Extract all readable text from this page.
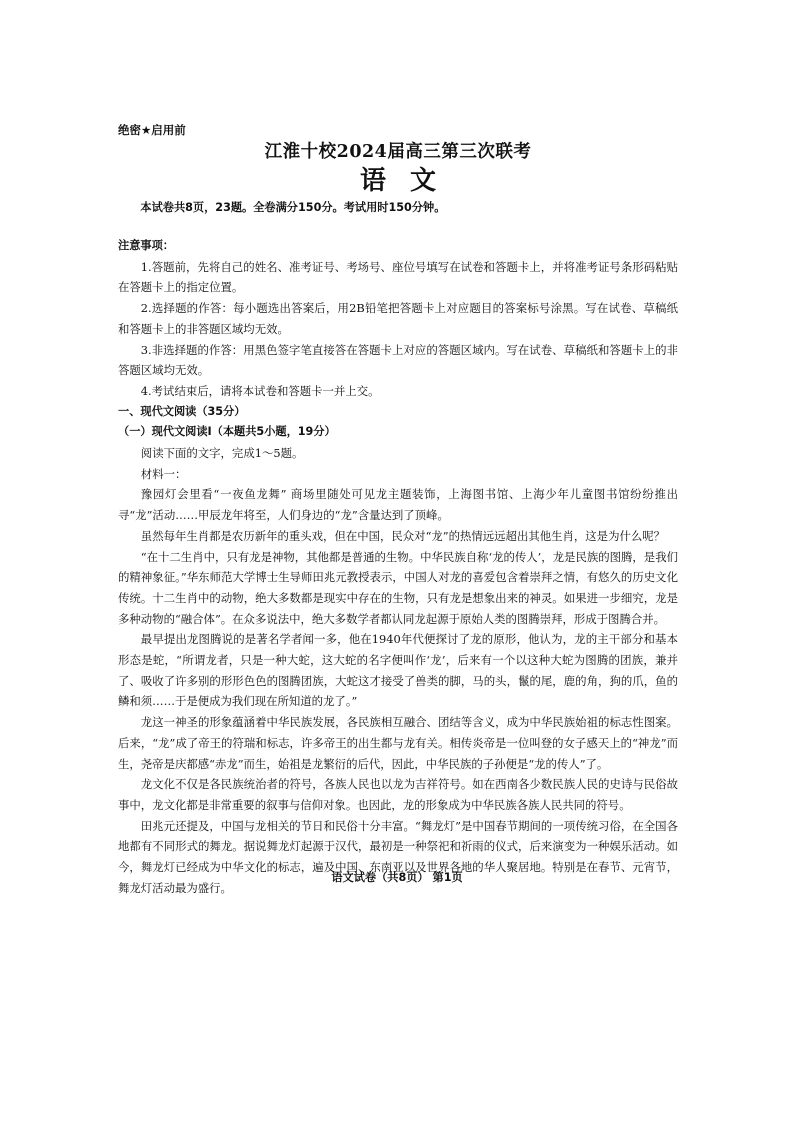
绝密★启用前
江淮十校2024届高三第三次联考
语文
本试卷共8页，23题。全卷满分150分。考试用时150分钟。
注意事项：
1.答题前，先将自己的姓名、准考证号、考场号、座位号填写在试卷和答题卡上，并将准考证号条形码粘贴在答题卡上的指定位置。
2.选择题的作答：每小题选出答案后，用2B铅笔把答题卡上对应题目的答案标号涂黑。写在试卷、草稿纸和答题卡上的非答题区域均无效。
3.非选择题的作答：用黑色签字笔直接答在答题卡上对应的答题区域内。写在试卷、草稿纸和答题卡上的非答题区域均无效。
4.考试结束后，请将本试卷和答题卡一并上交。
一、现代文阅读（35分）
（一）现代文阅读Ⅰ（本题共5小题，19分）
阅读下面的文字，完成1～5题。
材料一：
豫园灯会里看“一夜鱼龙舞” 商场里随处可见龙主题装饰，上海图书馆、上海少年儿童图书馆纷纷推出寻“龙”活动……甲辰龙年将至，人们身边的“龙”含量达到了顶峰。
虽然每年生肖都是农历新年的重头戏，但在中国，民众对“龙”的热情远远超出其他生肖，这是为什么呢？
“在十二生肖中，只有龙是神物，其他都是普通的生物。中华民族自称‘龙的传人’，龙是民族的图腾，是我们的精神象征。”华东师范大学博士生导师田兆元教授表示，中国人对龙的喜爱包含着崇拜之情，有悠久的历史文化传统。十二生肖中的动物，绝大多数都是现实中存在的生物，只有龙是想象出来的神灵。如果进一步细究，龙是多种动物的“融合体”。在众多说法中，绝大多数学者都认同龙起源于原始人类的图腾崇拜，形成于图腾合并。
最早提出龙图腾说的是著名学者闻一多，他在1940年代便探讨了龙的原形，他认为，龙的主干部分和基本形态是蛇，“所谓龙者，只是一种大蛇，这大蛇的名字便叫作‘龙’，后来有一个以这种大蛇为图腾的团族，兼并了、吸收了许多别的形形色色的图腾团族，大蛇这才接受了兽类的脚，马的头，鬣的尾，鹿的角，狗的爪，鱼的鳞和须……于是便成为我们现在所知道的龙了。”
龙这一神圣的形象蕴涵着中华民族发展，各民族相互融合、团结等含义，成为中华民族始祖的标志性图案。后来，“龙”成了帝王的符瑞和标志，许多帝王的出生都与龙有关。相传炎帝是一位叫登的女子感天上的“神龙”而生，尧帝是庆都感“赤龙”而生，始祖是龙繁衍的后代，因此，中华民族的子孙便是“龙的传人”了。
龙文化不仅是各民族统治者的符号，各族人民也以龙为吉祥符号。如在西南各少数民族人民的史诗与民俗故事中，龙文化都是非常重要的叙事与信仰对象。也因此，龙的形象成为中华民族各族人民共同的符号。
田兆元还提及，中国与龙相关的节日和民俗十分丰富。“舞龙灯”是中国春节期间的一项传统习俗，在全国各地都有不同形式的舞龙。据说舞龙灯起源于汉代，最初是一种祭祀和祈雨的仪式，后来演变为一种娱乐活动。如今，舞龙灯已经成为中华文化的标志，遍及中国、东南亚以及世界各地的华人聚居地。特别是在春节、元宵节，舞龙灯活动最为盛行。
语文试卷（共8页） 第1页
